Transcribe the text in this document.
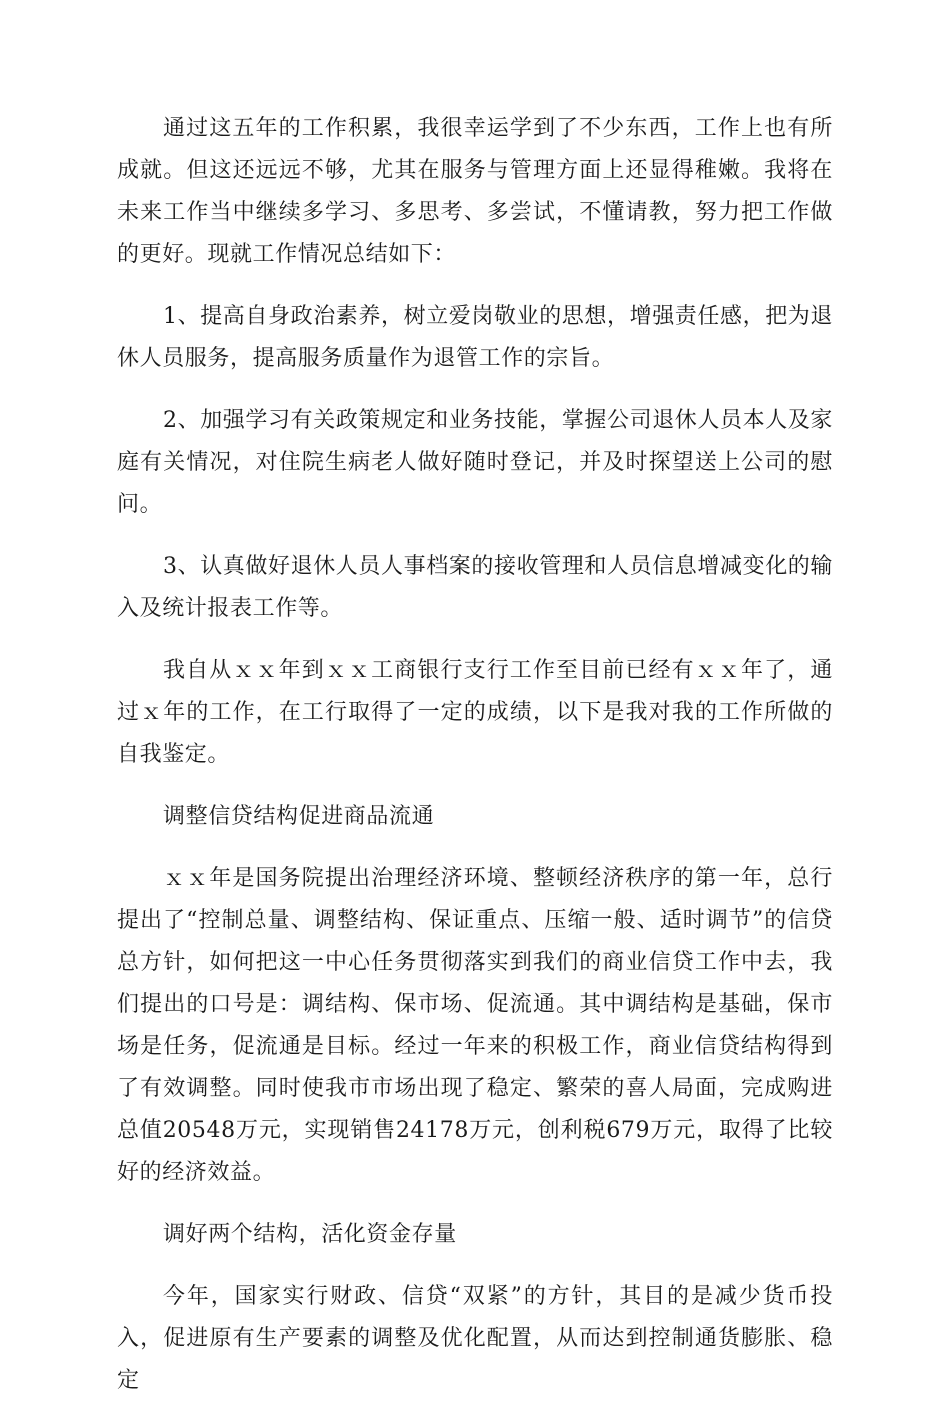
通过这五年的工作积累，我很幸运学到了不少东西，工作上也有所成就。但这还远远不够，尤其在服务与管理方面上还显得稚嫩。我将在未来工作当中继续多学习、多思考、多尝试，不懂请教，努力把工作做的更好。现就工作情况总结如下：

1、提高自身政治素养，树立爱岗敬业的思想，增强责任感，把为退休人员服务，提高服务质量作为退管工作的宗旨。

2、加强学习有关政策规定和业务技能，掌握公司退休人员本人及家庭有关情况，对住院生病老人做好随时登记，并及时探望送上公司的慰问。

3、认真做好退休人员人事档案的接收管理和人员信息增减变化的输入及统计报表工作等。

我自从ｘｘ年到ｘｘ工商银行支行工作至目前已经有ｘｘ年了，通过ｘ年的工作，在工行取得了一定的成绩，以下是我对我的工作所做的自我鉴定。

调整信贷结构促进商品流通

ｘｘ年是国务院提出治理经济环境、整顿经济秩序的第一年，总行提出了“控制总量、调整结构、保证重点、压缩一般、适时调节”的信贷总方针，如何把这一中心任务贯彻落实到我们的商业信贷工作中去，我们提出的口号是：调结构、保市场、促流通。其中调结构是基础，保市场是任务，促流通是目标。经过一年来的积极工作，商业信贷结构得到了有效调整。同时使我市市场出现了稳定、繁荣的喜人局面，完成购进总值20548万元，实现销售24178万元，创利税679万元，取得了比较好的经济效益。

调好两个结构，活化资金存量

今年，国家实行财政、信贷“双紧”的方针，其目的是减少货币投入，促进原有生产要素的调整及优化配置，从而达到控制通货膨胀、稳定
